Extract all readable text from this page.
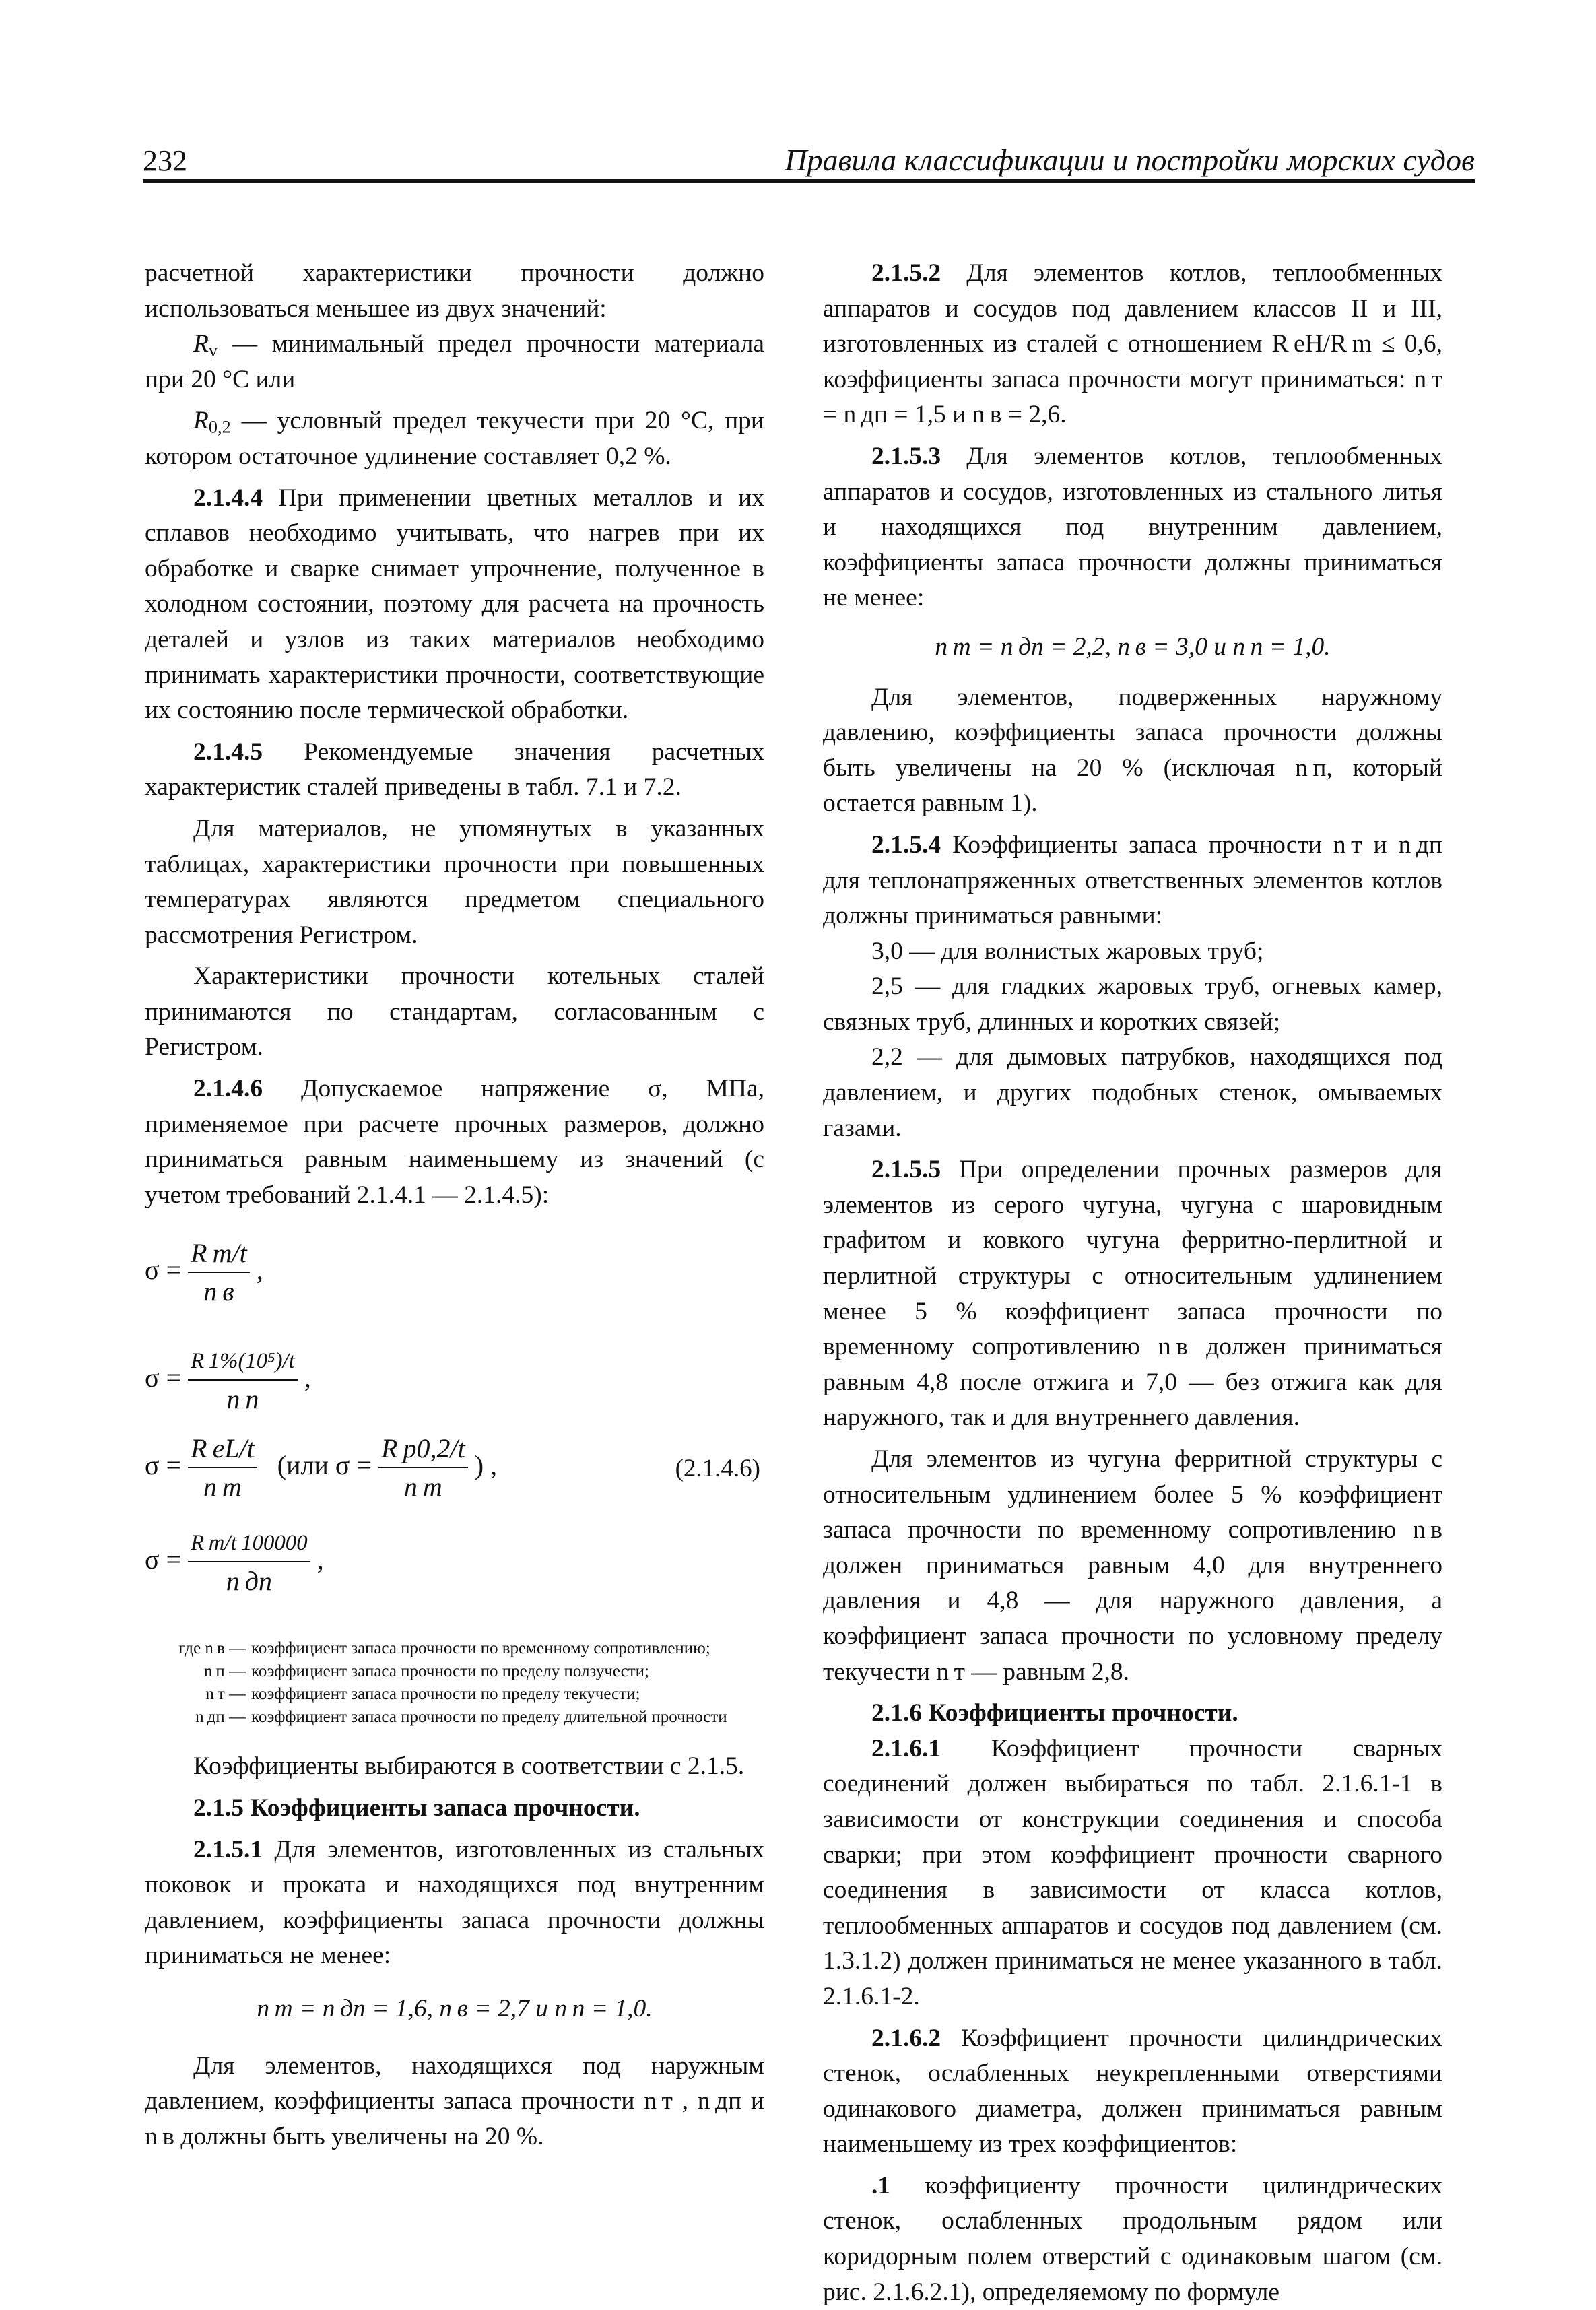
232	Правила классификации и постройки морских судов

расчетной характеристики прочности должно использоваться меньшее из двух значений:

$R_v$ — минимальный предел прочности материала при 20 °С или

$R_{0,2}$ — условный предел текучести при 20 °С, при котором остаточное удлинение составляет 0,2 %.

2.1.4.4 При применении цветных металлов и их сплавов необходимо учитывать, что нагрев при их обработке и сварке снимает упрочнение, полученное в холодном состоянии, поэтому для расчета на прочность деталей и узлов из таких материалов необходимо принимать характеристики прочности, соответствующие их состоянию после термической обработки.

2.1.4.5 Рекомендуемые значения расчетных характеристик сталей приведены в табл. 7.1 и 7.2.

Для материалов, не упомянутых в указанных таблицах, характеристики прочности при повышенных температурах являются предметом специального рассмотрения Регистром.

Характеристики прочности котельных сталей принимаются по стандартам, согласованным с Регистром.

2.1.4.6 Допускаемое напряжение σ, МПа, применяемое при расчете прочных размеров, должно приниматься равным наименьшему из значений (с учетом требований 2.1.4.1 — 2.1.4.5):

$\sigma = \frac{\text{R m/t}}{\text{n в}}$ ,
$\sigma = \frac{\text{R 1\%(10⁵)/t}}{\text{n п}}$ ,
$\sigma = \frac{\text{R eL/t}}{\text{n т}} (или$ $\sigma = \frac{\text{R p0,2/t}}{\text{n т}}$ ) ,	(2.1.4.6)
$\sigma = \frac{\text{R m/t 100000}}{\text{n дп}}$ ,
где n в — коэффициент запаса прочности по временному сопротивлению;
n п — коэффициент запаса прочности по пределу ползучести;
n т — коэффициент запаса прочности по пределу текучести;
n дп — коэффициент запаса прочности по пределу длительной прочности

Коэффициенты выбираются в соответствии с 2.1.5.

2.1.5 Коэффициенты запаса прочности.

2.1.5.1 Для элементов, изготовленных из стальных поковок и проката и находящихся под внутренним давлением, коэффициенты запаса прочности должны приниматься не менее:

n т = n дп = 1,6, n в = 2,7 и n п = 1,0.

Для элементов, находящихся под наружным давлением, коэффициенты запаса прочности n т , n дп и n в должны быть увеличены на 20 %.

2.1.5.2 Для элементов котлов, теплообменных аппаратов и сосудов под давлением классов II и III, изготовленных из сталей с отношением R eH/R m ≤ 0,6, коэффициенты запаса прочности могут приниматься: n т = n дп = 1,5 и n в = 2,6.

2.1.5.3 Для элементов котлов, теплообменных аппаратов и сосудов, изготовленных из стального литья и находящихся под внутренним давлением, коэффициенты запаса прочности должны приниматься не менее:

n т = n дп = 2,2, n в = 3,0 и n п = 1,0.

Для элементов, подверженных наружному давлению, коэффициенты запаса прочности должны быть увеличены на 20 % (исключая n п, который остается равным 1).

2.1.5.4 Коэффициенты запаса прочности n т и n дп для теплонапряженных ответственных элементов котлов должны приниматься равными:

3,0 — для волнистых жаровых труб;

2,5 — для гладких жаровых труб, огневых камер, связных труб, длинных и коротких связей;

2,2 — для дымовых патрубков, находящихся под давлением, и других подобных стенок, омываемых газами.

2.1.5.5 При определении прочных размеров для элементов из серого чугуна, чугуна с шаровидным графитом и ковкого чугуна ферритно-перлитной и перлитной структуры с относительным удлинением менее 5 % коэффициент запаса прочности по временному сопротивлению n в должен приниматься равным 4,8 после отжига и 7,0 — без отжига как для наружного, так и для внутреннего давления.

Для элементов из чугуна ферритной структуры с относительным удлинением более 5 % коэффициент запаса прочности по временному сопротивлению n в должен приниматься равным 4,0 для внутреннего давления и 4,8 — для наружного давления, а коэффициент запаса прочности по условному пределу текучести n т — равным 2,8.

2.1.6 Коэффициенты прочности.

2.1.6.1 Коэффициент прочности сварных соединений должен выбираться по табл. 2.1.6.1-1 в зависимости от конструкции соединения и способа сварки; при этом коэффициент прочности сварного соединения в зависимости от класса котлов, теплообменных аппаратов и сосудов под давлением (см. 1.3.1.2) должен приниматься не менее указанного в табл. 2.1.6.1-2.

2.1.6.2 Коэффициент прочности цилиндрических стенок, ослабленных неукрепленными отверстиями одинакового диаметра, должен приниматься равным наименьшему из трех коэффициентов:

.1 коэффициенту прочности цилиндрических стенок, ослабленных продольным рядом или коридорным полем отверстий с одинаковым шагом (см. рис. 2.1.6.2.1), определяемому по формуле
